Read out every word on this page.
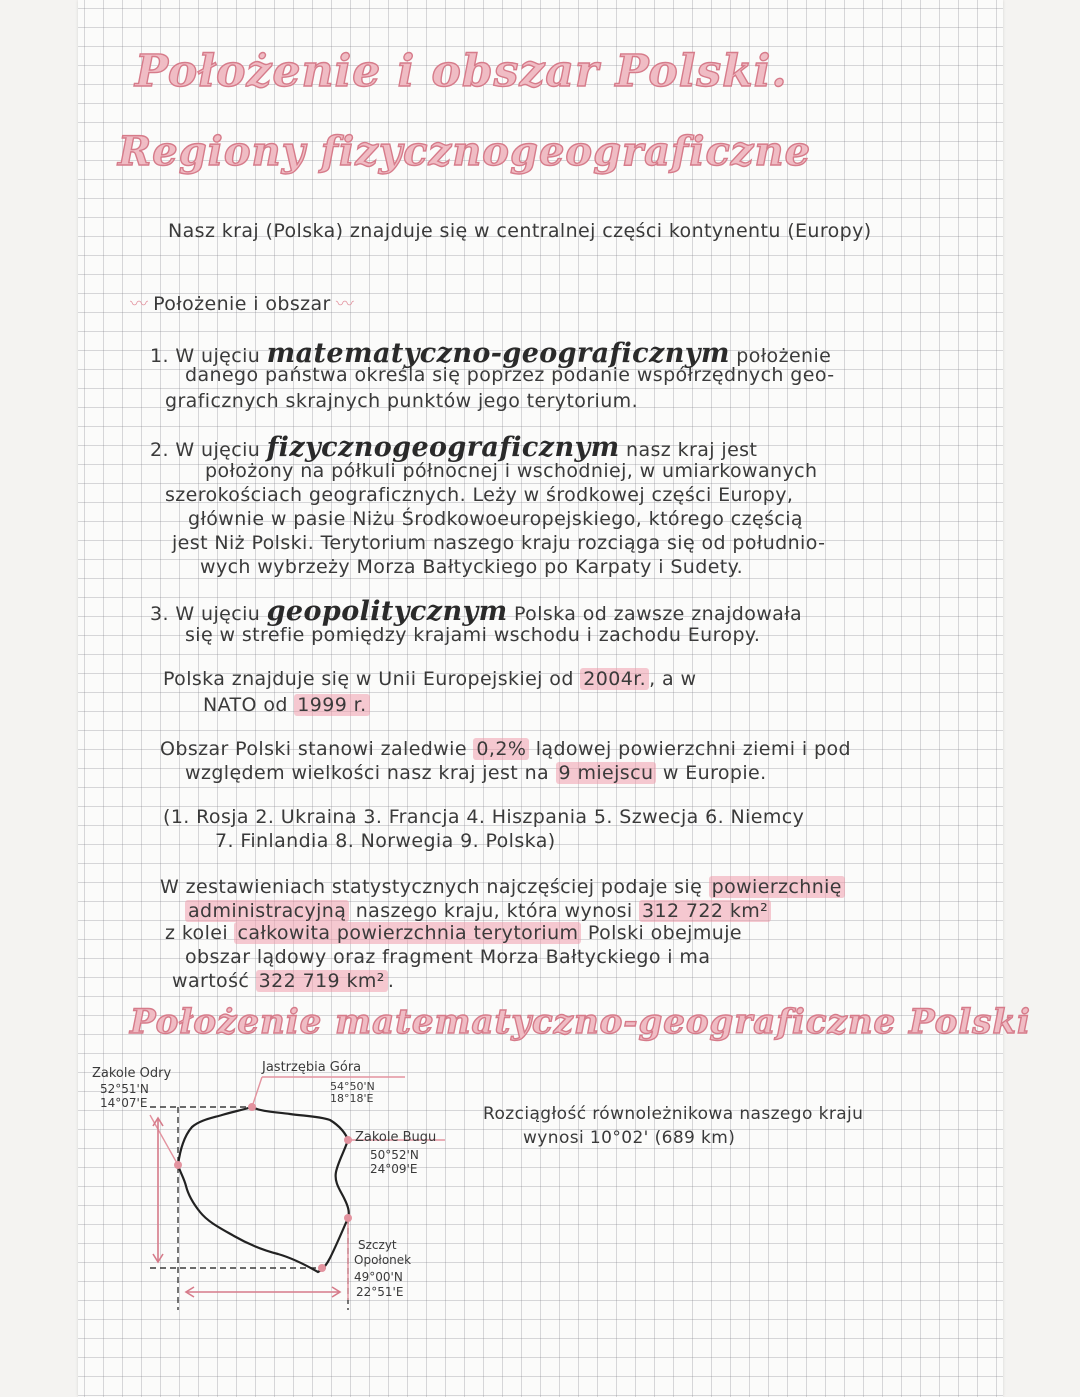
Położenie i obszar Polski.
Regiony fizycznogeograficzne
Nasz kraj (Polska) znajduje się w centralnej części kontynentu (Europy)
〰 Położenie i obszar 〰
1. W ujęciu matematyczno-geograficznym położenie
danego państwa określa się poprzez podanie współrzędnych geo-
graficznych skrajnych punktów jego terytorium.
2. W ujęciu fizycznogeograficznym nasz kraj jest
położony na półkuli północnej i wschodniej, w umiarkowanych
szerokościach geograficznych. Leży w środkowej części Europy,
głównie w pasie Niżu Środkowoeuropejskiego, którego częścią
jest Niż Polski. Terytorium naszego kraju rozciąga się od południo-
wych wybrzeży Morza Bałtyckiego po Karpaty i Sudety.
3. W ujęciu geopolitycznym Polska od zawsze znajdowała
się w strefie pomiędzy krajami wschodu i zachodu Europy.
Polska znajduje się w Unii Europejskiej od 2004r. , a w
NATO od 1999 r.
Obszar Polski stanowi zaledwie 0,2% lądowej powierzchni ziemi i pod
względem wielkości nasz kraj jest na 9 miejscu w Europie.
(1. Rosja 2. Ukraina 3. Francja 4. Hiszpania 5. Szwecja 6. Niemcy
7. Finlandia 8. Norwegia 9. Polska)
W zestawieniach statystycznych najczęściej podaje się powierzchnię
administracyjną naszego kraju, która wynosi 312 722 km²
z kolei całkowita powierzchnia terytorium Polski obejmuje
obszar lądowy oraz fragment Morza Bałtyckiego i ma
wartość 322 719 km² .
Położenie matematyczno-geograficzne Polski
Zakole Odry
52°51'N
14°07'E
Jastrzębia Góra
54°50'N
18°18'E
Zakole Bugu
50°52'N
24°09'E
Szczyt
Opołonek
49°00'N
22°51'E
Rozciągłość równoleżnikowa naszego kraju
wynosi 10°02' (689 km)
